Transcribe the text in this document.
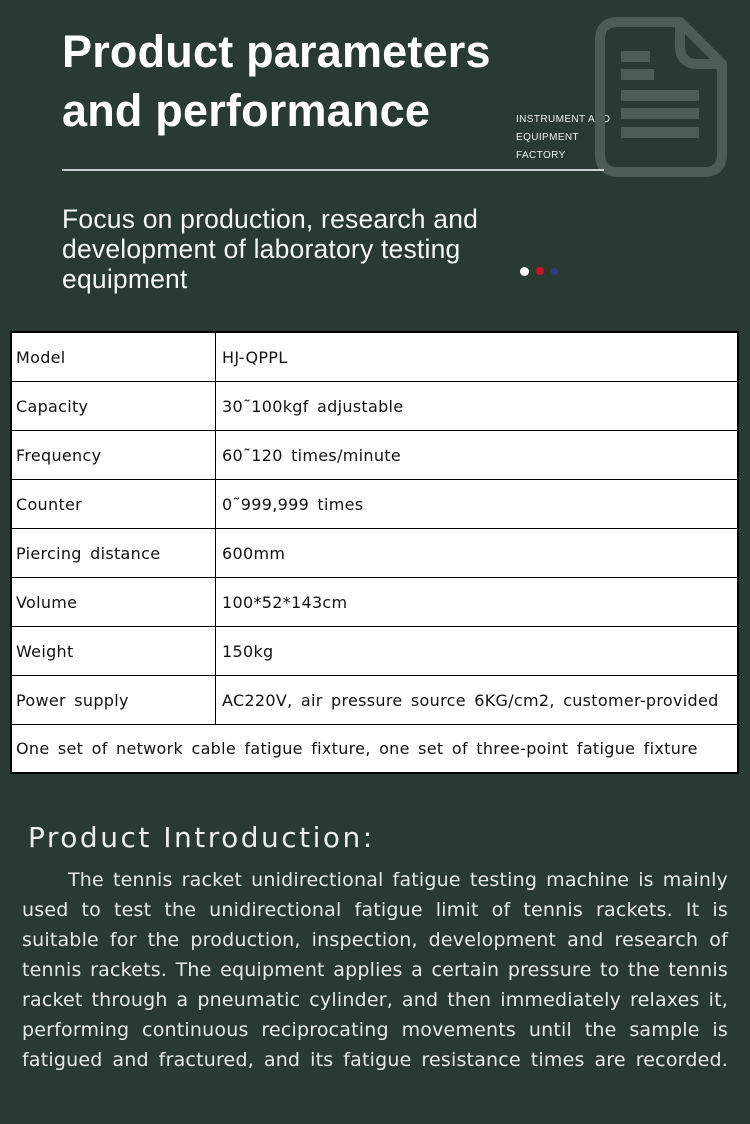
Product parameters
and performance	INSTRUMENT AND
EQUIPMENT
FACTORY
Focus on production, research and
development of laboratory testing
equipment
Model	HJ-QPPL
Capacity	30˜100kgf adjustable
Frequency	60˜120 times/minute
Counter	0˜999,999 times
Piercing distance	600mm
Volume	100*52*143cm
Weight	150kg
Power supply	AC220V, air pressure source 6KG/cm2, customer-provided
One set of network cable fatigue fixture, one set of three-point fatigue fixture	
Product Introduction:
The tennis racket unidirectional fatigue testing machine is mainly
used to test the unidirectional fatigue limit of tennis rackets. It is
suitable for the production, inspection, development and research of
tennis rackets. The equipment applies a certain pressure to the tennis
racket through a pneumatic cylinder, and then immediately relaxes it,
performing continuous reciprocating movements until the sample is
fatigued and fractured, and its fatigue resistance times are recorded.
